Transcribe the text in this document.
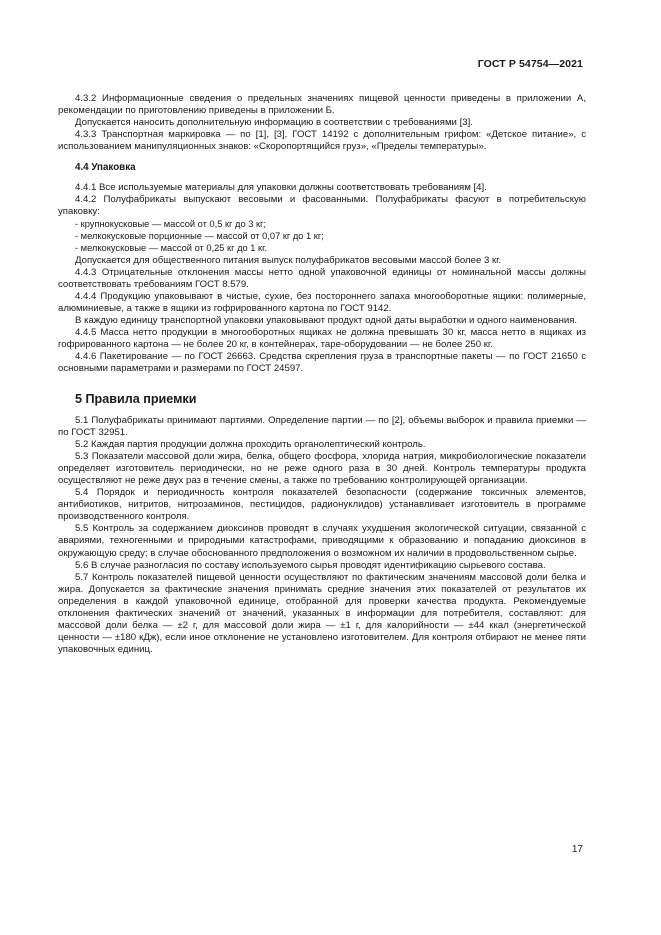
ГОСТ Р 54754—2021

4.3.2 Информационные сведения о предельных значениях пищевой ценности приведены в приложении А, рекомендации по приготовлению приведены в приложении Б.

Допускается наносить дополнительную информацию в соответствии с требованиями [3].

4.3.3 Транспортная маркировка — по [1], [3], ГОСТ 14192 с дополнительным грифом: «Детское питание», с использованием манипуляционных знаков: «Скоропортящийся груз», «Пределы температуры».

4.4 Упаковка

4.4.1 Все используемые материалы для упаковки должны соответствовать требованиям [4].

4.4.2 Полуфабрикаты выпускают весовыми и фасованными. Полуфабрикаты фасуют в потребительскую упаковку:

- крупнокусковые — массой от 0,5 кг до 3 кг;
- мелкокусковые порционные — массой от 0,07 кг до 1 кг;
- мелкокусковые — массой от 0,25 кг до 1 кг.

Допускается для общественного питания выпуск полуфабрикатов весовыми массой более 3 кг.

4.4.3 Отрицательные отклонения массы нетто одной упаковочной единицы от номинальной массы должны соответствовать требованиям ГОСТ 8.579.

4.4.4 Продукцию упаковывают в чистые, сухие, без постороннего запаха многооборотные ящики: полимерные, алюминиевые, а также в ящики из гофрированного картона по ГОСТ 9142.

В каждую единицу транспортной упаковки упаковывают продукт одной даты выработки и одного наименования.

4.4.5 Масса нетто продукции в многооборотных ящиках не должна превышать 30 кг, масса нетто в ящиках из гофрированного картона — не более 20 кг, в контейнерах, таре-оборудовании — не более 250 кг.

4.4.6 Пакетирование — по ГОСТ 26663. Средства скрепления груза в транспортные пакеты — по ГОСТ 21650 с основными параметрами и размерами по ГОСТ 24597.

5 Правила приемки

5.1 Полуфабрикаты принимают партиями. Определение партии — по [2], объемы выборок и правила приемки — по ГОСТ 32951.

5.2 Каждая партия продукции должна проходить органолептический контроль.

5.3 Показатели массовой доли жира, белка, общего фосфора, хлорида натрия, микробиологические показатели определяет изготовитель периодически, но не реже одного раза в 30 дней. Контроль температуры продукта осуществляют не реже двух раз в течение смены, а также по требованию контролирующей организации.

5.4 Порядок и периодичность контроля показателей безопасности (содержание токсичных элементов, антибиотиков, нитритов, нитрозаминов, пестицидов, радионуклидов) устанавливает изготовитель в программе производственного контроля.

5.5 Контроль за содержанием диоксинов проводят в случаях ухудшения экологической ситуации, связанной с авариями, техногенными и природными катастрофами, приводящими к образованию и попаданию диоксинов в окружающую среду; в случае обоснованного предположения о возможном их наличии в продовольственном сырье.

5.6 В случае разногласия по составу используемого сырья проводят идентификацию сырьевого состава.

5.7 Контроль показателей пищевой ценности осуществляют по фактическим значениям массовой доли белка и жира. Допускается за фактические значения принимать средние значения этих показателей от результатов их определения в каждой упаковочной единице, отобранной для проверки качества продукта. Рекомендуемые отклонения фактических значений от значений, указанных в информации для потребителя, составляют: для массовой доли белка — ±2 г, для массовой доли жира — ±1 г, для калорийности — ±44 ккал (энергетической ценности — ±180 кДж), если иное отклонение не установлено изготовителем. Для контроля отбирают не менее пяти упаковочных единиц.

17
